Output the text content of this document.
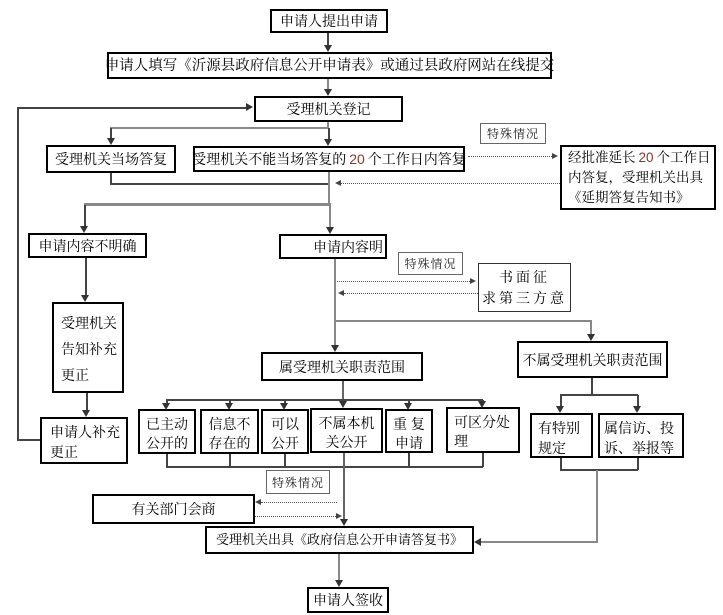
申请人提出申请
申请人填写《沂源县政府信息公开申请表》或通过县政府网站在线提交
受理机关登记
受理机关当场答复 受理机关不能当场答复的 20 个工作日内答复
特殊情况
经批准延长 20 个工作日
内答复，受理机关出具
《延期答复告知书》
申请内容不明确	申请内容明
特殊情况
书面征
求第三方意
受理机关
告知补充
更正
属受理机关职责范围	不属受理机关职责范围
申请人补充
更正
已主动
公开的
信息不
存在的
可以
公开
不属本机
关公开
重 复
申请
可区分处
理
有特别
规定
属信访、投
诉、举报等
特殊情况
有关部门会商
受理机关出具《政府信息公开申请答复书》
申请人签收
